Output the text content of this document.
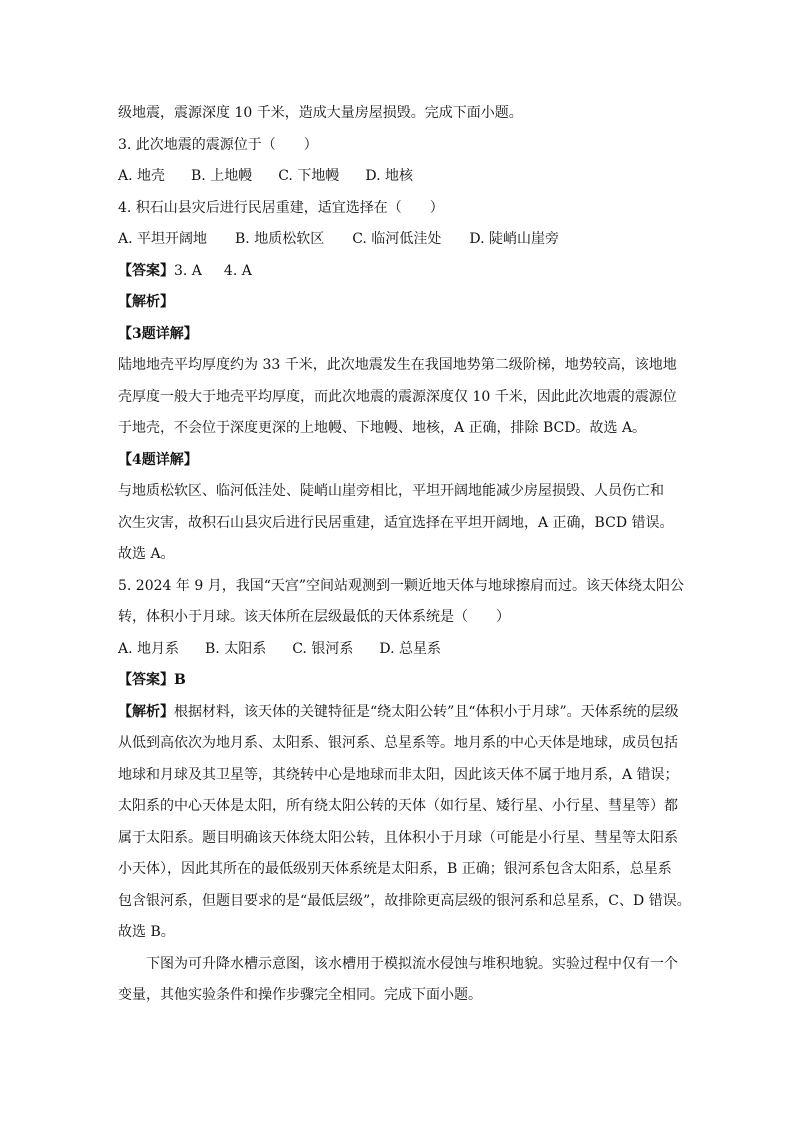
级地震，震源深度 10 千米，造成大量房屋损毁。完成下面小题。

3. 此次地震的震源位于（　　）

A. 地壳 B. 上地幔 C. 下地幔 D. 地核

4. 积石山县灾后进行民居重建，适宜选择在（　　）

A. 平坦开阔地 B. 地质松软区 C. 临河低洼处 D. 陡峭山崖旁

【答案】3. A 4. A

【解析】

【3题详解】

陆地地壳平均厚度约为 33 千米，此次地震发生在我国地势第二级阶梯，地势较高，该地地

壳厚度一般大于地壳平均厚度，而此次地震的震源深度仅 10 千米，因此此次地震的震源位

于地壳，不会位于深度更深的上地幔、下地幔、地核，A 正确，排除 BCD。故选 A。

【4题详解】

与地质松软区、临河低洼处、陡峭山崖旁相比，平坦开阔地能减少房屋损毁、人员伤亡和

次生灾害，故积石山县灾后进行民居重建，适宜选择在平坦开阔地，A 正确，BCD 错误。

故选 A。

5. 2024 年 9 月，我国“天宫”空间站观测到一颗近地天体与地球擦肩而过。该天体绕太阳公

转，体积小于月球。该天体所在层级最低的天体系统是（　　）

A. 地月系 B. 太阳系 C. 银河系 D. 总星系

【答案】B

【解析】根据材料，该天体的关键特征是“绕太阳公转”且“体积小于月球”。天体系统的层级

从低到高依次为地月系、太阳系、银河系、总星系等。地月系的中心天体是地球，成员包括

地球和月球及其卫星等，其绕转中心是地球而非太阳，因此该天体不属于地月系，A 错误；

太阳系的中心天体是太阳，所有绕太阳公转的天体（如行星、矮行星、小行星、彗星等）都

属于太阳系。题目明确该天体绕太阳公转，且体积小于月球（可能是小行星、彗星等太阳系

小天体），因此其所在的最低级别天体系统是太阳系，B 正确；银河系包含太阳系，总星系

包含银河系，但题目要求的是“最低层级”，故排除更高层级的银河系和总星系，C、D 错误。

故选 B。

下图为可升降水槽示意图，该水槽用于模拟流水侵蚀与堆积地貌。实验过程中仅有一个

变量，其他实验条件和操作步骤完全相同。完成下面小题。
